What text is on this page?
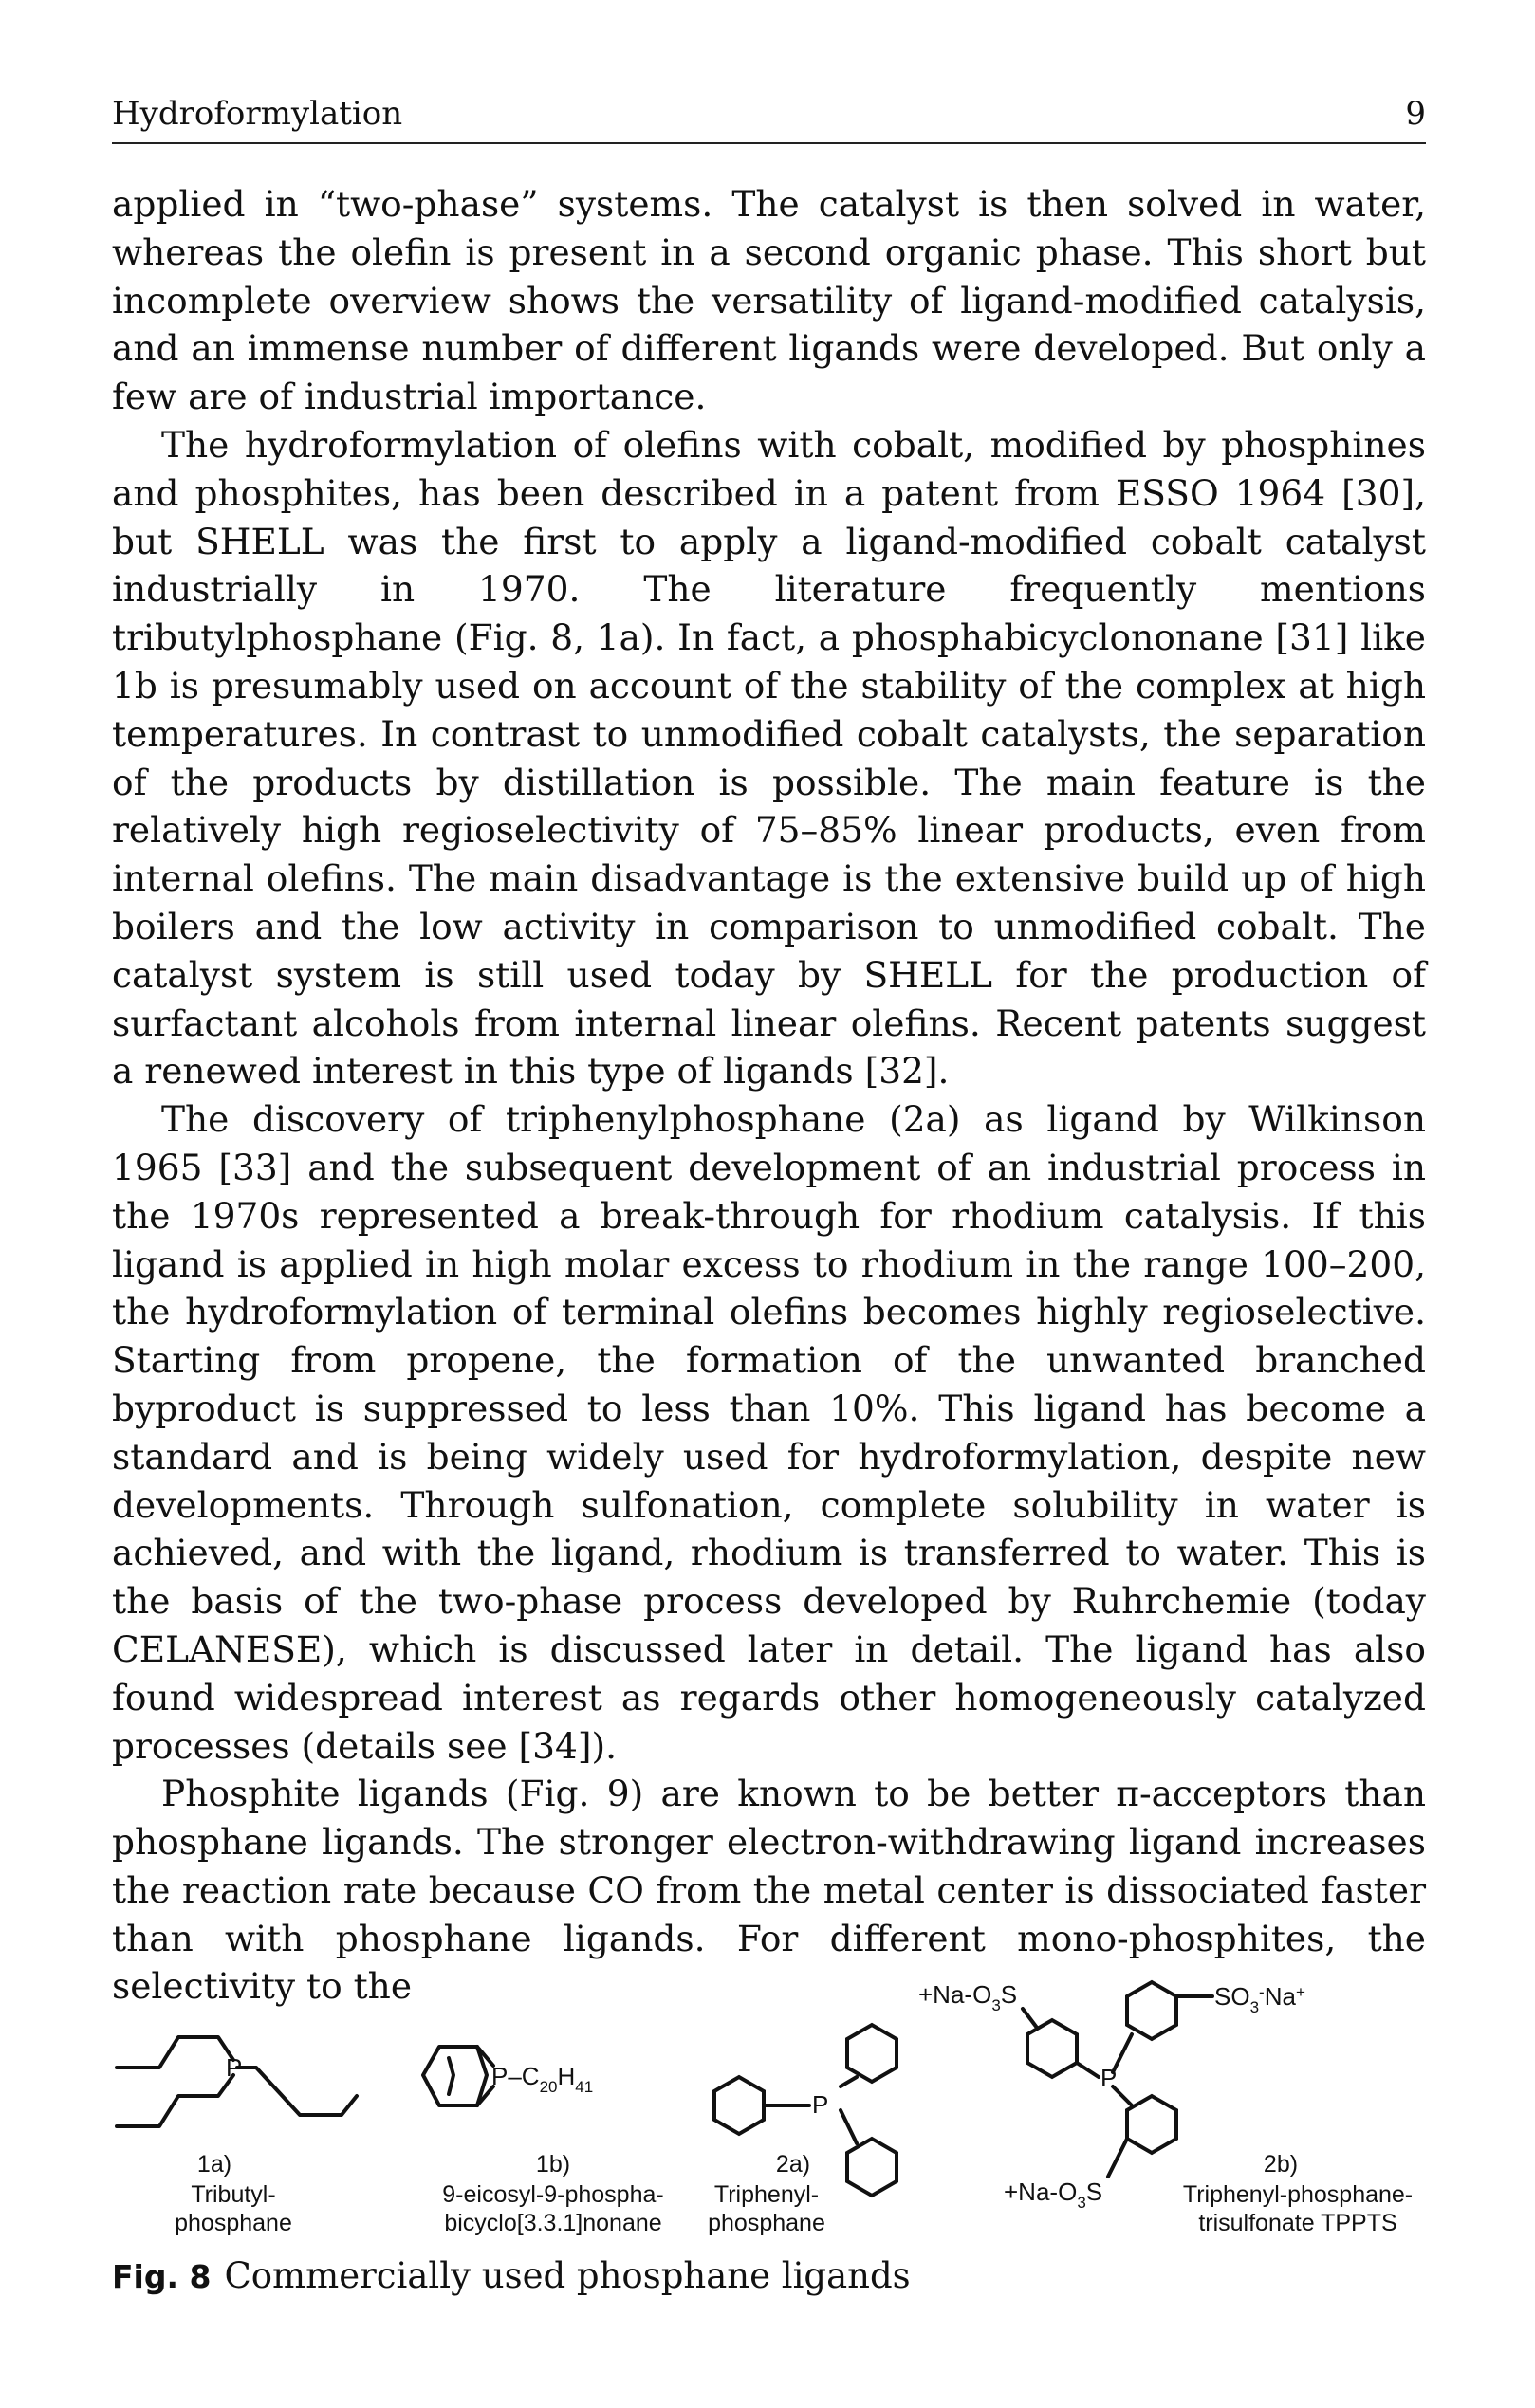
Hydroformylation	9

applied in “two-phase” systems. The catalyst is then solved in water, whereas the olefin is present in a second organic phase. This short but incomplete overview shows the versatility of ligand-modified catalysis, and an immense number of different ligands were developed. But only a few are of industrial importance.

The hydroformylation of olefins with cobalt, modified by phosphines and phosphites, has been described in a patent from ESSO 1964 [30], but SHELL was the first to apply a ligand-modified cobalt catalyst industrially in 1970. The literature frequently mentions tributylphosphane (Fig. 8, 1a). In fact, a phosphabicyclononane [31] like 1b is presumably used on account of the stability of the complex at high temperatures. In contrast to unmodified cobalt catalysts, the separation of the products by distillation is possible. The main feature is the relatively high regioselectivity of 75–85% linear products, even from internal olefins. The main disadvantage is the extensive build up of high boilers and the low activity in comparison to unmodified cobalt. The catalyst system is still used today by SHELL for the production of surfactant alcohols from internal linear olefins. Recent patents suggest a renewed interest in this type of ligands [32].

The discovery of triphenylphosphane (2a) as ligand by Wilkinson 1965 [33] and the subsequent development of an industrial process in the 1970s represented a break-through for rhodium catalysis. If this ligand is applied in high molar excess to rhodium in the range 100–200, the hydroformylation of terminal olefins becomes highly regioselective. Starting from propene, the formation of the unwanted branched byproduct is suppressed to less than 10%. This ligand has become a standard and is being widely used for hydroformylation, despite new developments. Through sulfonation, complete solubility in water is achieved, and with the ligand, rhodium is transferred to water. This is the basis of the two-phase process developed by Ruhrchemie (today CELANESE), which is discussed later in detail. The ligand has also found widespread interest as regards other homogeneously catalyzed processes (details see [34]).

Phosphite ligands (Fig. 9) are known to be better π-acceptors than phosphane ligands. The stronger electron-withdrawing ligand increases the reaction rate because CO from the metal center is dissociated faster than with phosphane ligands. For different mono-phosphites, the selectivity to the

P
1a)
Tributyl-
phosphane
$P-C_{20}H_{41}$
1b)
9-eicosyl-9-phospha-
bicyclo[3.3.1]nonane
P
2a)
Triphenyl-
phosphane
$+Na-O_3S$
P
$SO_3^-Na^+$
$+Na-O_3S$
2b)
Triphenyl-phosphane-
trisulfonate TPPTS
Fig. 8 Commercially used phosphane ligands
